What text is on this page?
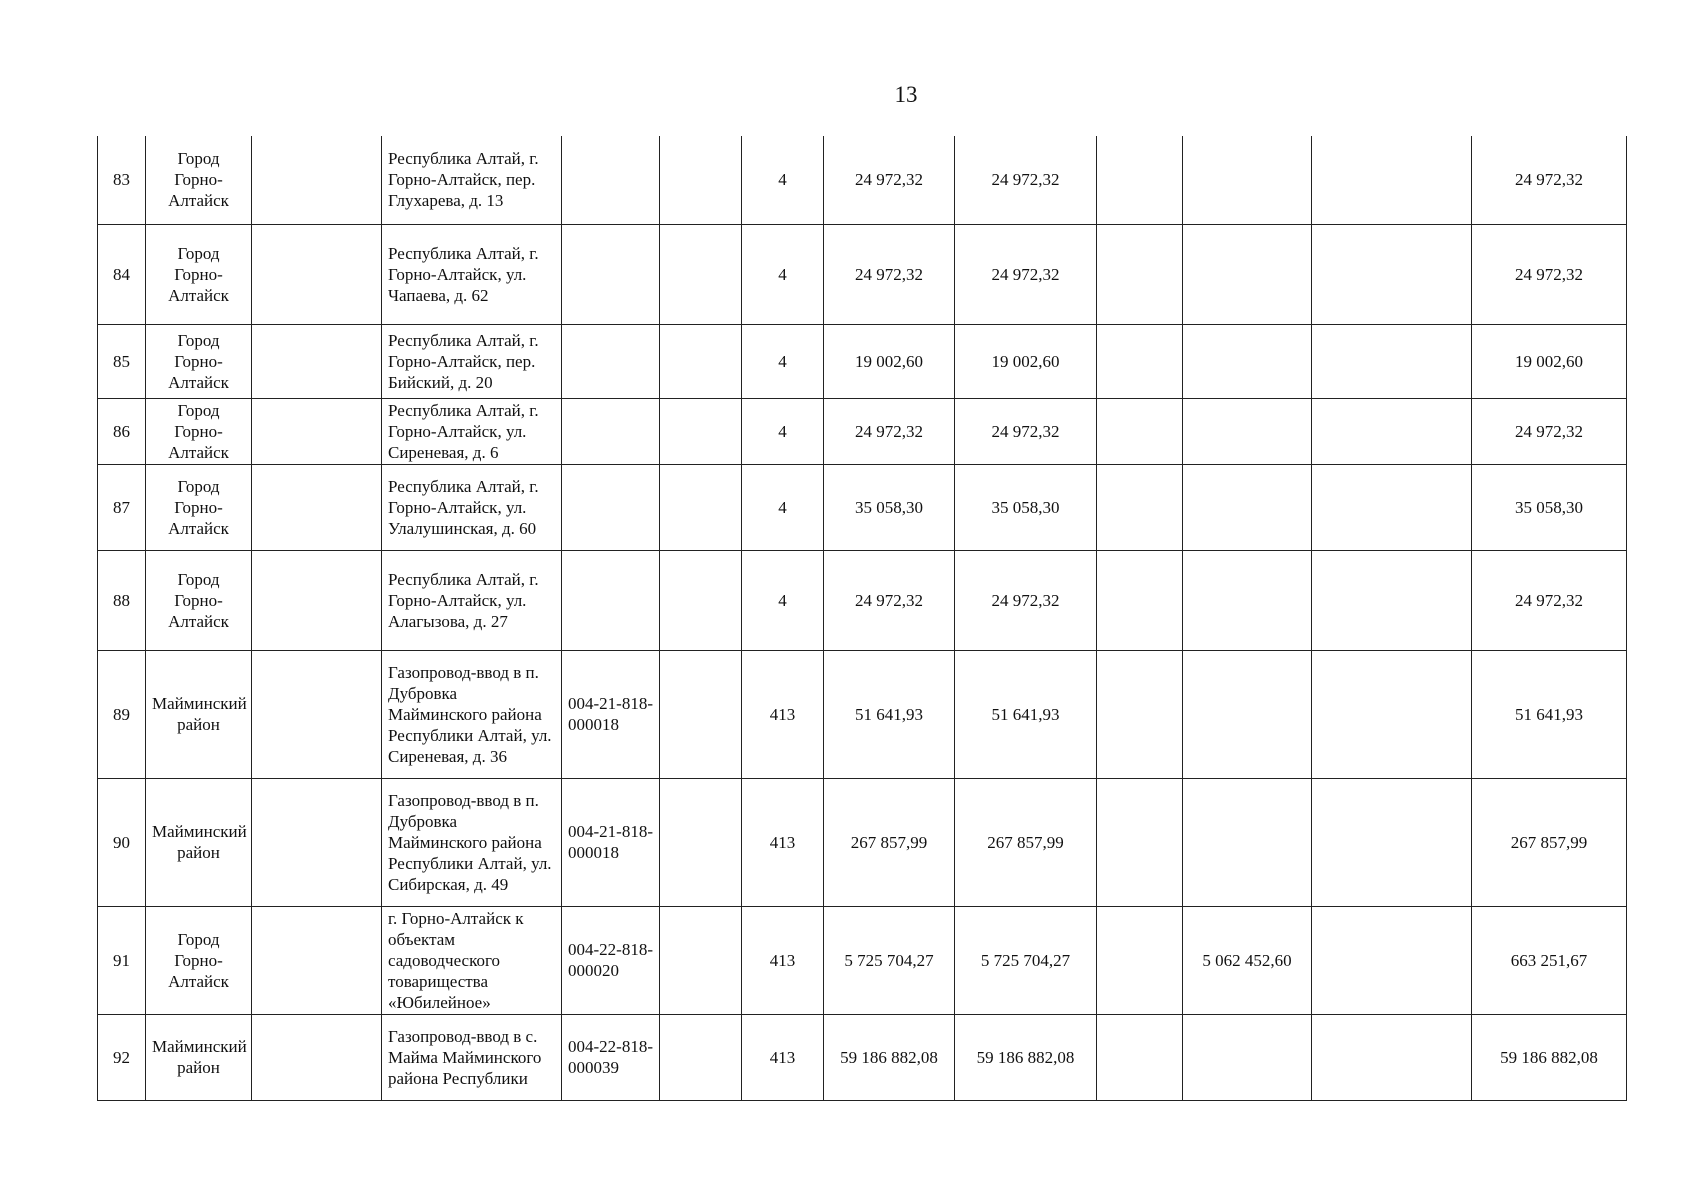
13
83	Город Горно-Алтайск		Республика Алтай, г. Горно-Алтайск, пер. Глухарева, д. 13			4	24 972,32	24 972,32				24 972,32
84	Город Горно-Алтайск		Республика Алтай, г. Горно-Алтайск, ул. Чапаева, д. 62			4	24 972,32	24 972,32				24 972,32
85	Город Горно-Алтайск		Республика Алтай, г. Горно-Алтайск, пер. Бийский, д. 20			4	19 002,60	19 002,60				19 002,60
86	Город Горно-Алтайск		Республика Алтай, г. Горно-Алтайск, ул. Сиреневая, д. 6			4	24 972,32	24 972,32				24 972,32
87	Город Горно-Алтайск		Республика Алтай, г. Горно-Алтайск, ул. Улалушинская, д. 60			4	35 058,30	35 058,30				35 058,30
88	Город Горно-Алтайск		Республика Алтай, г. Горно-Алтайск, ул. Алагызова, д. 27			4	24 972,32	24 972,32				24 972,32
89	Майминский район		Газопровод-ввод в п. Дубровка Майминского района Республики Алтай, ул. Сиреневая, д. 36	004-21-818-000018		413	51 641,93	51 641,93				51 641,93
90	Майминский район		Газопровод-ввод в п. Дубровка Майминского района Республики Алтай, ул. Сибирская, д. 49	004-21-818-000018		413	267 857,99	267 857,99				267 857,99
91	Город Горно-Алтайск		г. Горно-Алтайск к объектам садоводческого товарищества «Юбилейное»	004-22-818-000020		413	5 725 704,27	5 725 704,27		5 062 452,60		663 251,67
92	Майминский район		Газопровод-ввод в с. Майма Майминского района Республики	004-22-818-000039		413	59 186 882,08	59 186 882,08				59 186 882,08
